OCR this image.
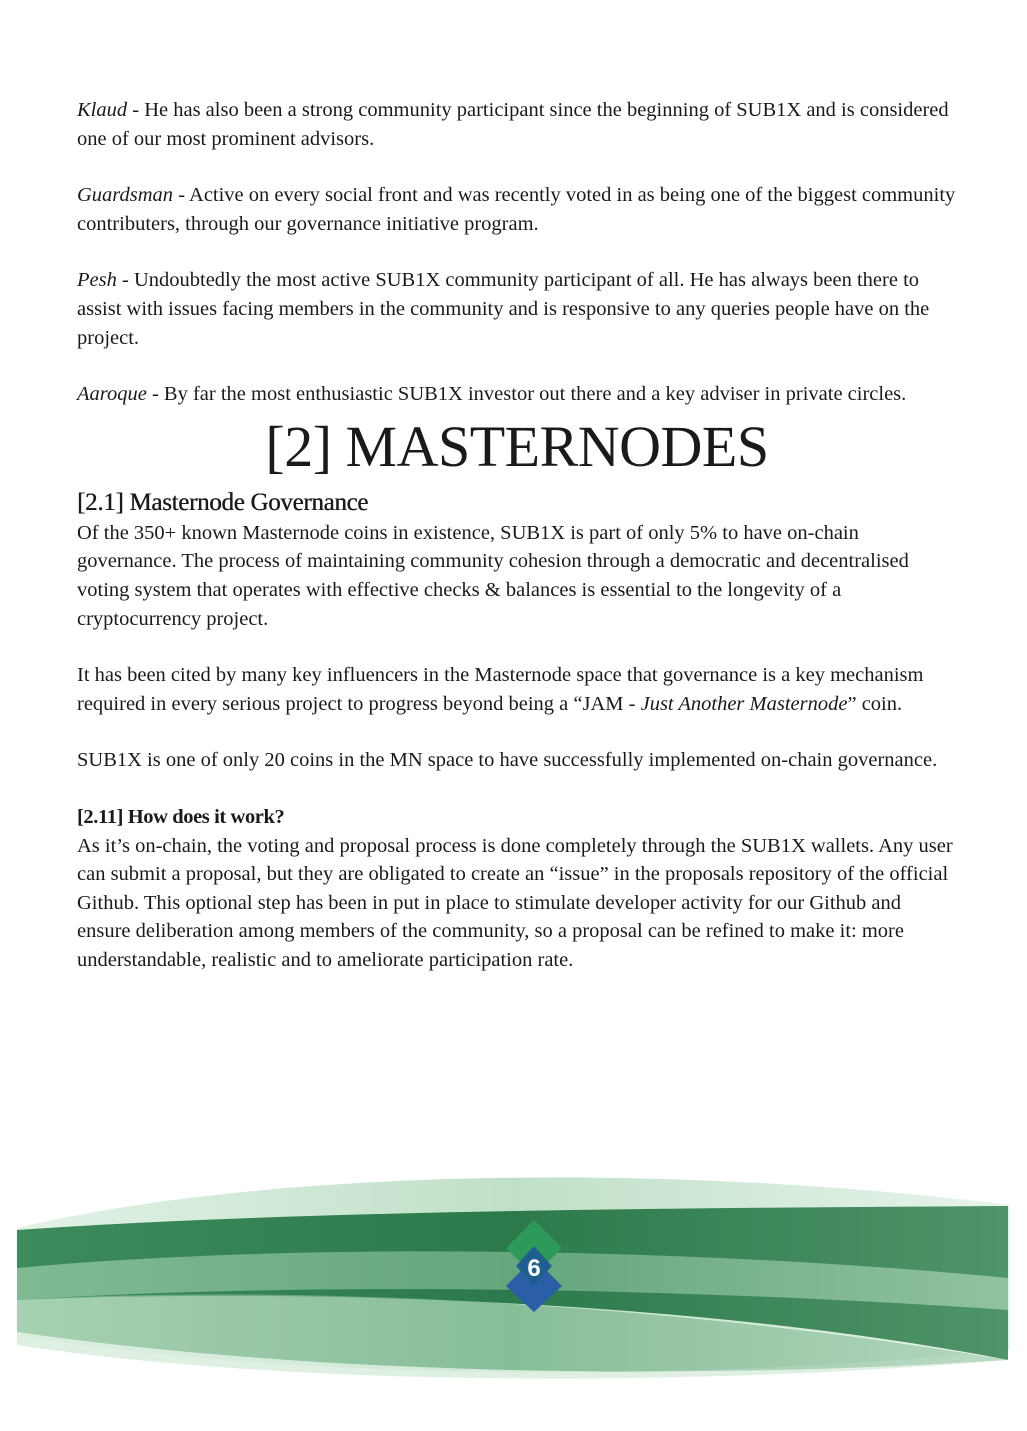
Klaud - He has also been a strong community participant since the beginning of SUB1X and is considered one of our most prominent advisors.

Guardsman - Active on every social front and was recently voted in as being one of the biggest community contributers, through our governance initiative program.

Pesh - Undoubtedly the most active SUB1X community participant of all. He has always been there to assist with issues facing members in the community and is responsive to any queries people have on the project.

Aaroque - By far the most enthusiastic SUB1X investor out there and a key adviser in private circles.

[2] MASTERNODES
[2.1] Masternode Governance

Of the 350+ known Masternode coins in existence, SUB1X is part of only 5% to have on-chain governance. The process of maintaining community cohesion through a democratic and decentralised voting system that operates with effective checks & balances is essential to the longevity of a cryptocurrency project.

It has been cited by many key influencers in the Masternode space that governance is a key mechanism required in every serious project to progress beyond being a “JAM - Just Another Masternode” coin.

SUB1X is one of only 20 coins in the MN space to have successfully implemented on-chain governance.

[2.11] How does it work?

As it’s on-chain, the voting and proposal process is done completely through the SUB1X wallets. Any user can submit a proposal, but they are obligated to create an “issue” in the proposals repository of the official Github. This optional step has been in put in place to stimulate developer activity for our Github and ensure deliberation among members of the community, so a proposal can be refined to make it: more understandable, realistic and to ameliorate participation rate.

6
